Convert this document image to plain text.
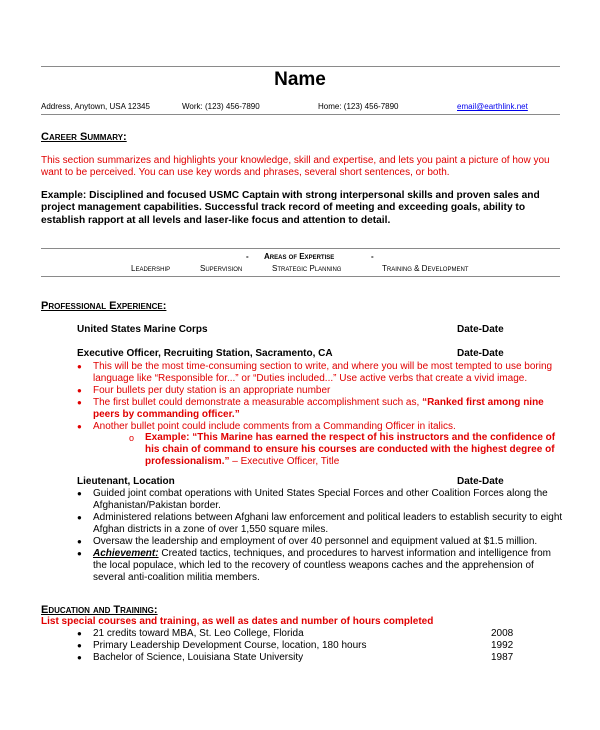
Name
Address, Anytown, USA 12345	Work: (123) 456-7890	Home: (123) 456-7890	email@earthlink.net
Career Summary:
This section summarizes and highlights your knowledge, skill and expertise, and lets you paint a picture of how you want to be perceived. You can use key words and phrases, several short sentences, or both.
Example: Disciplined and focused USMC Captain with strong interpersonal skills and proven sales and project management capabilities. Successful track record of meeting and exceeding goals, ability to establish rapport at all levels and laser-like focus and attention to detail.
- Areas of Expertise	-
Leadership	Supervision	Strategic Planning	Training & Development
Professional Experience:
United States Marine Corps	Date-Date
Executive Officer, Recruiting Station, Sacramento, CA	Date-Date
● This will be the most time-consuming section to write, and where you will be most tempted to use boring language like “Responsible for...” or “Duties included...” Use active verbs that create a vivid image.
● Four bullets per duty station is an appropriate number
● The first bullet could demonstrate a measurable accomplishment such as, “Ranked first among nine peers by commanding officer.”
● Another bullet point could include comments from a Commanding Officer in italics.
o Example: “This Marine has earned the respect of his instructors and the confidence of his chain of command to ensure his courses are conducted with the highest degree of professionalism.” – Executive Officer, Title
Lieutenant, Location	Date-Date
● Guided joint combat operations with United States Special Forces and other Coalition Forces along the Afghanistan/Pakistan border.
● Administered relations between Afghani law enforcement and political leaders to establish security to eight Afghan districts in a zone of over 1,550 square miles.
● Oversaw the leadership and employment of over 40 personnel and equipment valued at $1.5 million.
● Achievement: Created tactics, techniques, and procedures to harvest information and intelligence from the local populace, which led to the recovery of countless weapons caches and the apprehension of several anti-coalition militia members.
Education and Training:
List special courses and training, as well as dates and number of hours completed
● 21 credits toward MBA, St. Leo College, Florida	2008
● Primary Leadership Development Course, location, 180 hours	1992
● Bachelor of Science, Louisiana State University	1987
